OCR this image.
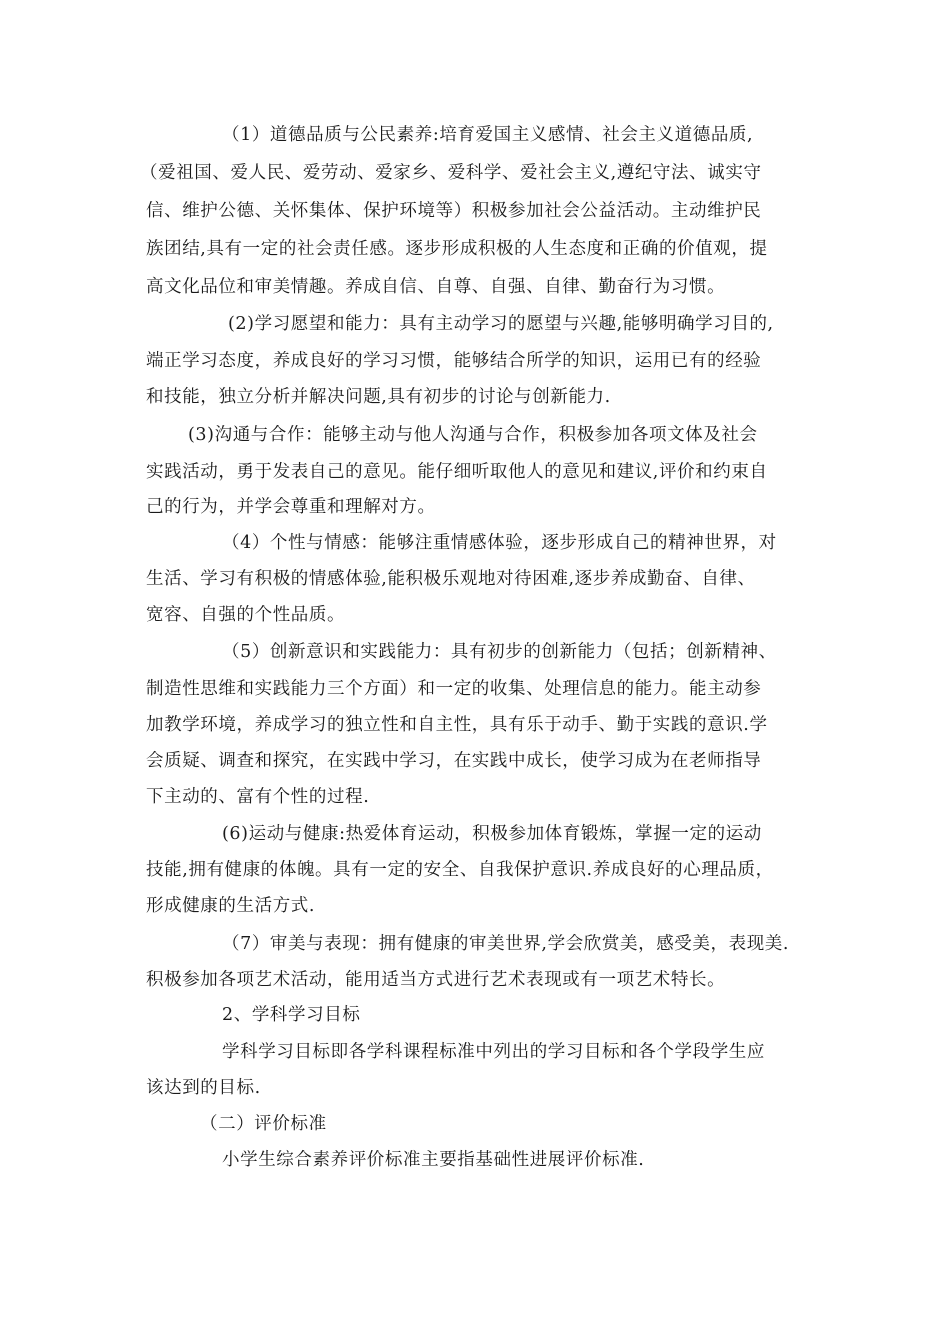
（1）道德品质与公民素养:培育爱国主义感情、社会主义道德品质,
（爱祖国、爱人民、爱劳动、爱家乡、爱科学、爱社会主义,遵纪守法、诚实守
信、维护公德、关怀集体、保护环境等）积极参加社会公益活动。主动维护民
族团结,具有一定的社会责任感。逐步形成积极的人生态度和正确的价值观，提
高文化品位和审美情趣。养成自信、自尊、自强、自律、勤奋行为习惯。
(2)学习愿望和能力：具有主动学习的愿望与兴趣,能够明确学习目的,
端正学习态度，养成良好的学习习惯，能够结合所学的知识，运用已有的经验
和技能，独立分析并解决问题,具有初步的讨论与创新能力.
(3)沟通与合作：能够主动与他人沟通与合作，积极参加各项文体及社会
实践活动，勇于发表自己的意见。能仔细听取他人的意见和建议,评价和约束自
己的行为，并学会尊重和理解对方。
（4）个性与情感：能够注重情感体验，逐步形成自己的精神世界，对
生活、学习有积极的情感体验,能积极乐观地对待困难,逐步养成勤奋、自律、
宽容、自强的个性品质。
（5）创新意识和实践能力：具有初步的创新能力（包括；创新精神、
制造性思维和实践能力三个方面）和一定的收集、处理信息的能力。能主动参
加教学环境，养成学习的独立性和自主性，具有乐于动手、勤于实践的意识.学
会质疑、调查和探究，在实践中学习，在实践中成长，使学习成为在老师指导
下主动的、富有个性的过程.
(6)运动与健康:热爱体育运动，积极参加体育锻炼，掌握一定的运动
技能,拥有健康的体魄。具有一定的安全、自我保护意识.养成良好的心理品质，
形成健康的生活方式.
（7）审美与表现：拥有健康的审美世界,学会欣赏美，感受美，表现美.
积极参加各项艺术活动，能用适当方式进行艺术表现或有一项艺术特长。
2、学科学习目标
学科学习目标即各学科课程标准中列出的学习目标和各个学段学生应
该达到的目标.
（二）评价标准
小学生综合素养评价标准主要指基础性进展评价标准.
